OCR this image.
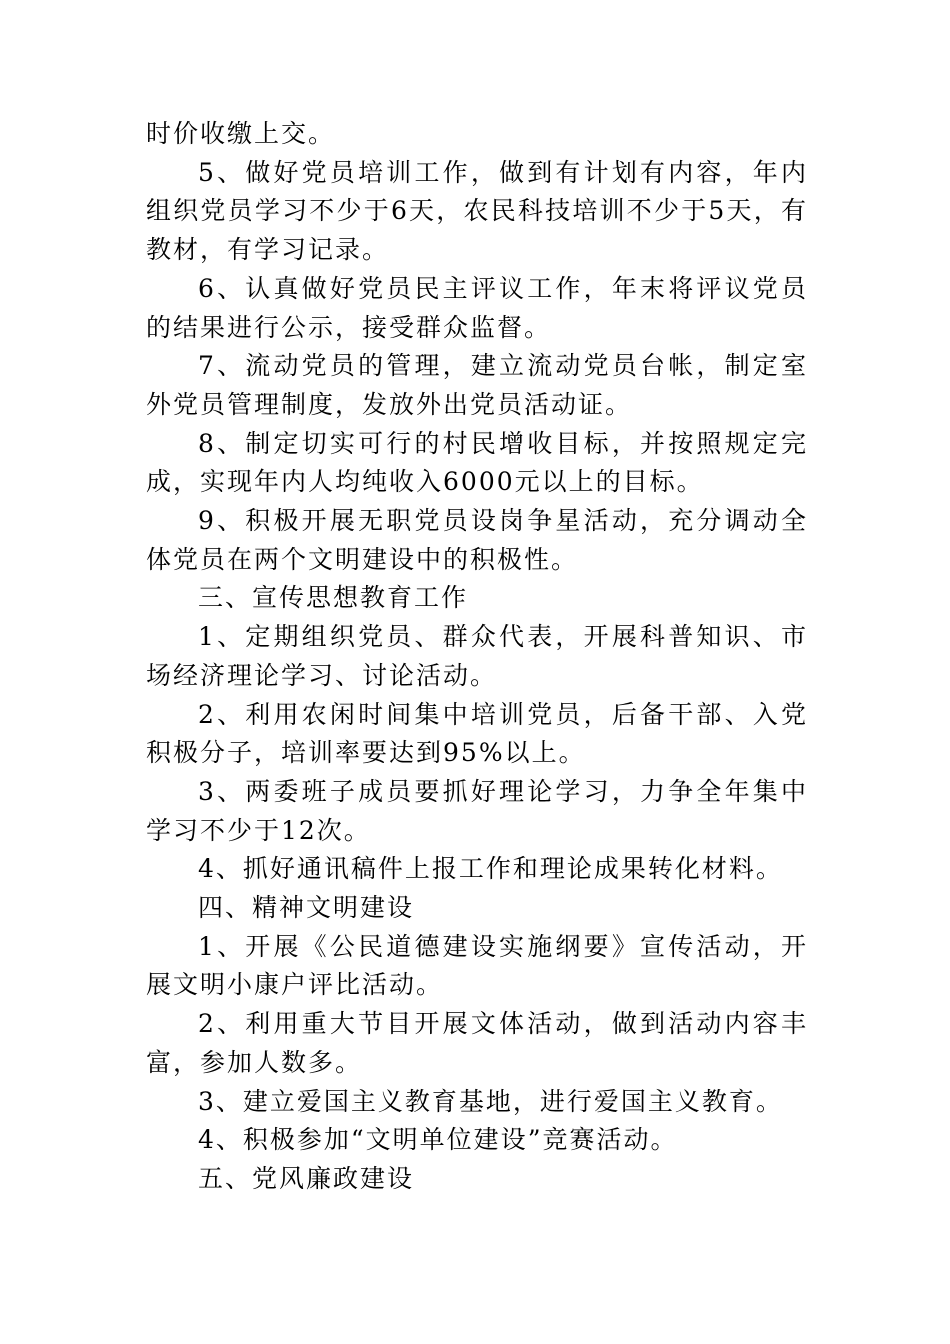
时价收缴上交。

5、做好党员培训工作，做到有计划有内容，年内组织党员学习不少于6天，农民科技培训不少于5天，有教材，有学习记录。

6、认真做好党员民主评议工作，年末将评议党员的结果进行公示，接受群众监督。

7、流动党员的管理，建立流动党员台帐，制定室外党员管理制度，发放外出党员活动证。

8、制定切实可行的村民增收目标，并按照规定完成，实现年内人均纯收入6000元以上的目标。

9、积极开展无职党员设岗争星活动，充分调动全体党员在两个文明建设中的积极性。

三、宣传思想教育工作

1、定期组织党员、群众代表，开展科普知识、市场经济理论学习、讨论活动。

2、利用农闲时间集中培训党员，后备干部、入党积极分子，培训率要达到95%以上。

3、两委班子成员要抓好理论学习，力争全年集中学习不少于12次。

4、抓好通讯稿件上报工作和理论成果转化材料。

四、精神文明建设

1、开展《公民道德建设实施纲要》宣传活动，开展文明小康户评比活动。

2、利用重大节目开展文体活动，做到活动内容丰富，参加人数多。

3、建立爱国主义教育基地，进行爱国主义教育。

4、积极参加“文明单位建设”竞赛活动。

五、党风廉政建设
